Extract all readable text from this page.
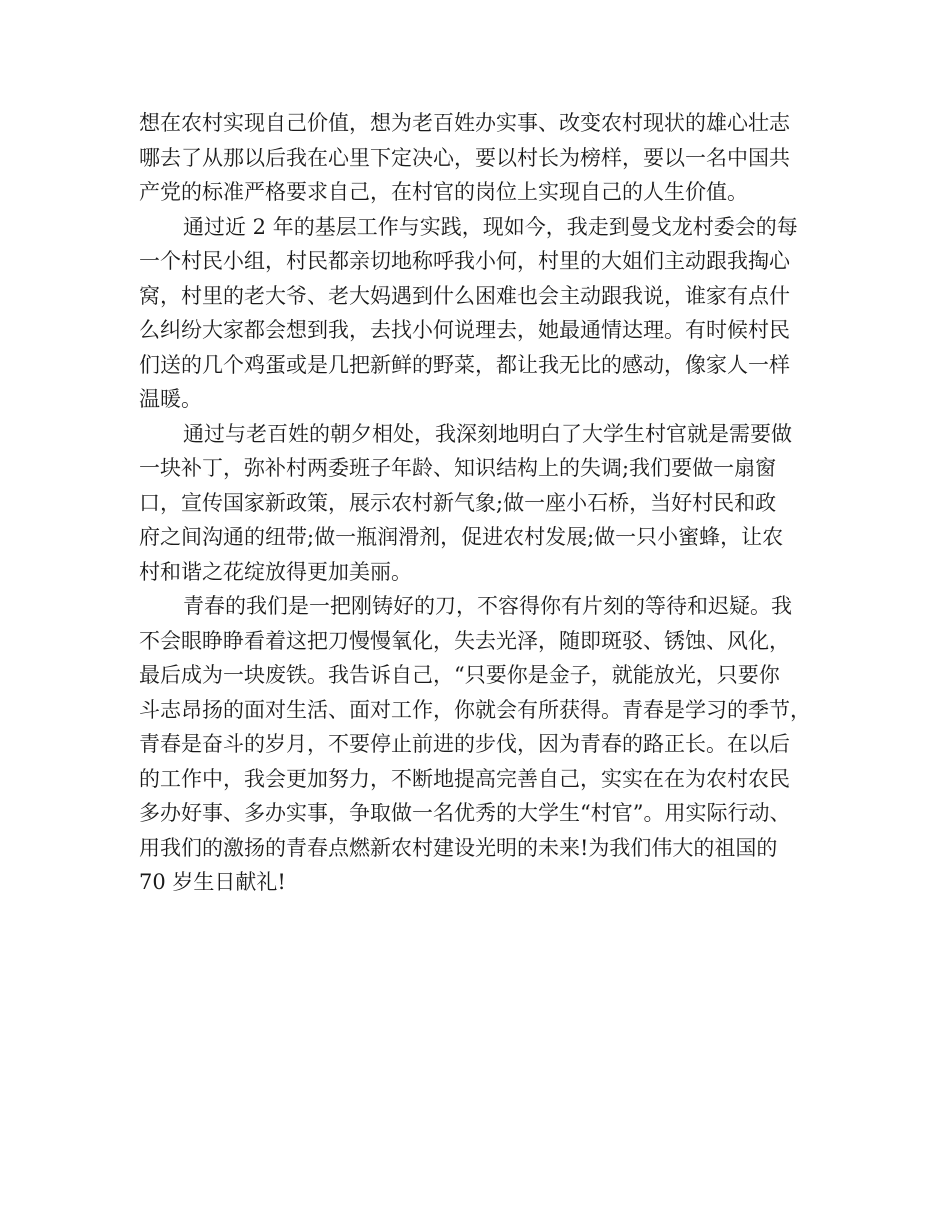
想在农村实现自己价值，想为老百姓办实事、改变农村现状的雄心壮志
哪去了从那以后我在心里下定决心，要以村长为榜样，要以一名中国共
产党的标准严格要求自己，在村官的岗位上实现自己的人生价值。

通过近 2 年的基层工作与实践，现如今，我走到曼戈龙村委会的每
一个村民小组，村民都亲切地称呼我小何，村里的大姐们主动跟我掏心
窝，村里的老大爷、老大妈遇到什么困难也会主动跟我说，谁家有点什
么纠纷大家都会想到我，去找小何说理去，她最通情达理。有时候村民
们送的几个鸡蛋或是几把新鲜的野菜，都让我无比的感动，像家人一样
温暖。

通过与老百姓的朝夕相处，我深刻地明白了大学生村官就是需要做
一块补丁，弥补村两委班子年龄、知识结构上的失调;我们要做一扇窗
口，宣传国家新政策，展示农村新气象;做一座小石桥，当好村民和政
府之间沟通的纽带;做一瓶润滑剂，促进农村发展;做一只小蜜蜂，让农
村和谐之花绽放得更加美丽。

青春的我们是一把刚铸好的刀，不容得你有片刻的等待和迟疑。我
不会眼睁睁看着这把刀慢慢氧化，失去光泽，随即斑驳、锈蚀、风化，
最后成为一块废铁。我告诉自己，“只要你是金子，就能放光，只要你
斗志昂扬的面对生活、面对工作，你就会有所获得。青春是学习的季节，
青春是奋斗的岁月，不要停止前进的步伐，因为青春的路正长。在以后
的工作中，我会更加努力，不断地提高完善自己，实实在在为农村农民
多办好事、多办实事，争取做一名优秀的大学生“村官”。用实际行动、
用我们的激扬的青春点燃新农村建设光明的未来!为我们伟大的祖国的
70 岁生日献礼!
